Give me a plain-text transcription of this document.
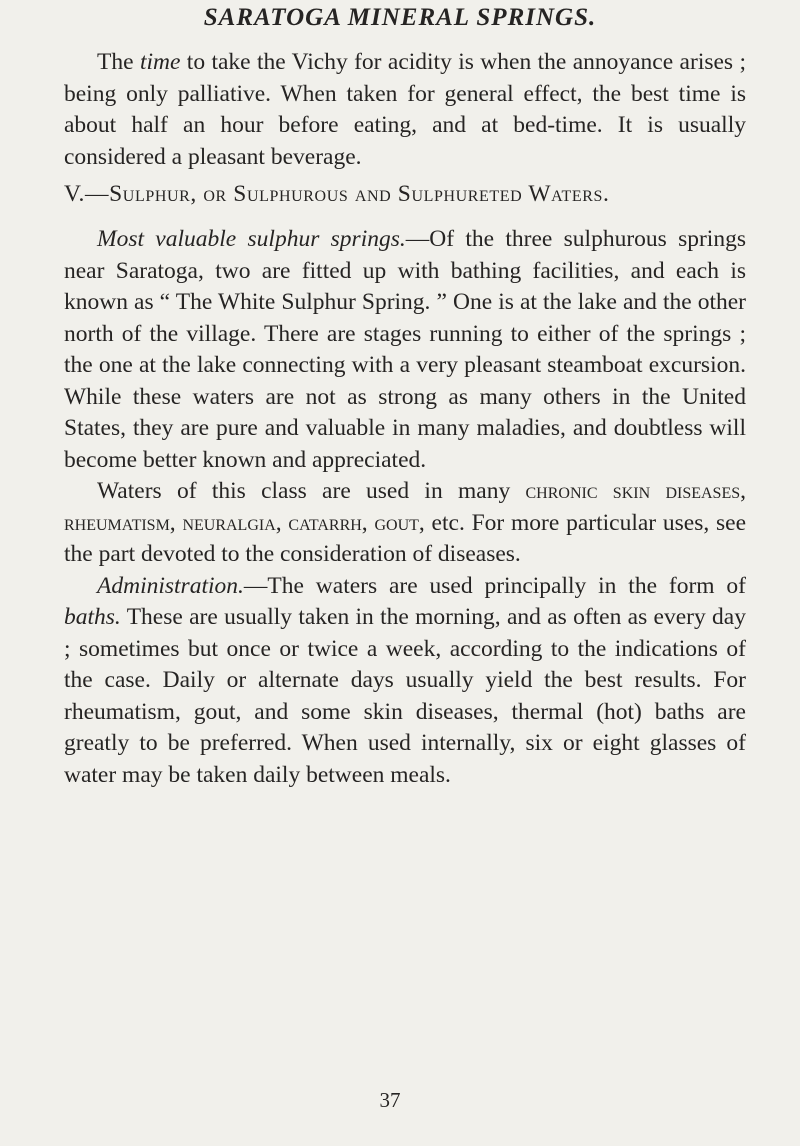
SARATOGA MINERAL SPRINGS.

The time to take the Vichy for acidity is when the annoyance arises ; being only palliative. When taken for general effect, the best time is about half an hour before eating, and at bed-time. It is usually considered a pleasant beverage.

V.—Sulphur, or Sulphurous and Sulphureted Waters.

Most valuable sulphur springs.—Of the three sulphurous springs near Saratoga, two are fitted up with bathing facilities, and each is known as “ The White Sulphur Spring. ” One is at the lake and the other north of the village. There are stages running to either of the springs ; the one at the lake connecting with a very pleasant steamboat excursion. While these waters are not as strong as many others in the United States, they are pure and valuable in many maladies, and doubtless will become better known and appreciated.

Waters of this class are used in many chronic skin diseases, rheumatism, neuralgia, catarrh, gout, etc. For more particular uses, see the part devoted to the consideration of diseases.

Administration.—The waters are used principally in the form of baths. These are usually taken in the morning, and as often as every day ; sometimes but once or twice a week, according to the indications of the case. Daily or alternate days usually yield the best results. For rheumatism, gout, and some skin diseases, thermal (hot) baths are greatly to be preferred. When used internally, six or eight glasses of water may be taken daily between meals.

37
